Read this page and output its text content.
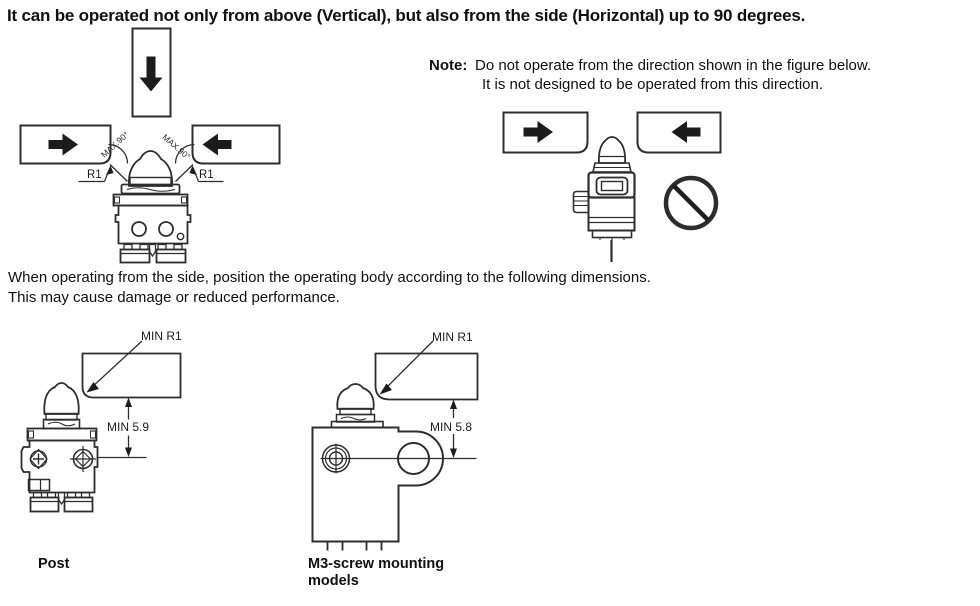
It can be operated not only from above (Vertical), but also from the side (Horizontal) up to 90 degrees.
Note: Do not operate from the direction shown in the figure below.
It is not designed to be operated from this direction.
When operating from the side, position the operating body according to the following dimensions.
This may cause damage or reduced performance.
MAX.90°	MAX.90°
R1	R1
MIN R1
MIN 5.9
MIN R1
MIN 5.8
Post	M3-screw mounting
models
